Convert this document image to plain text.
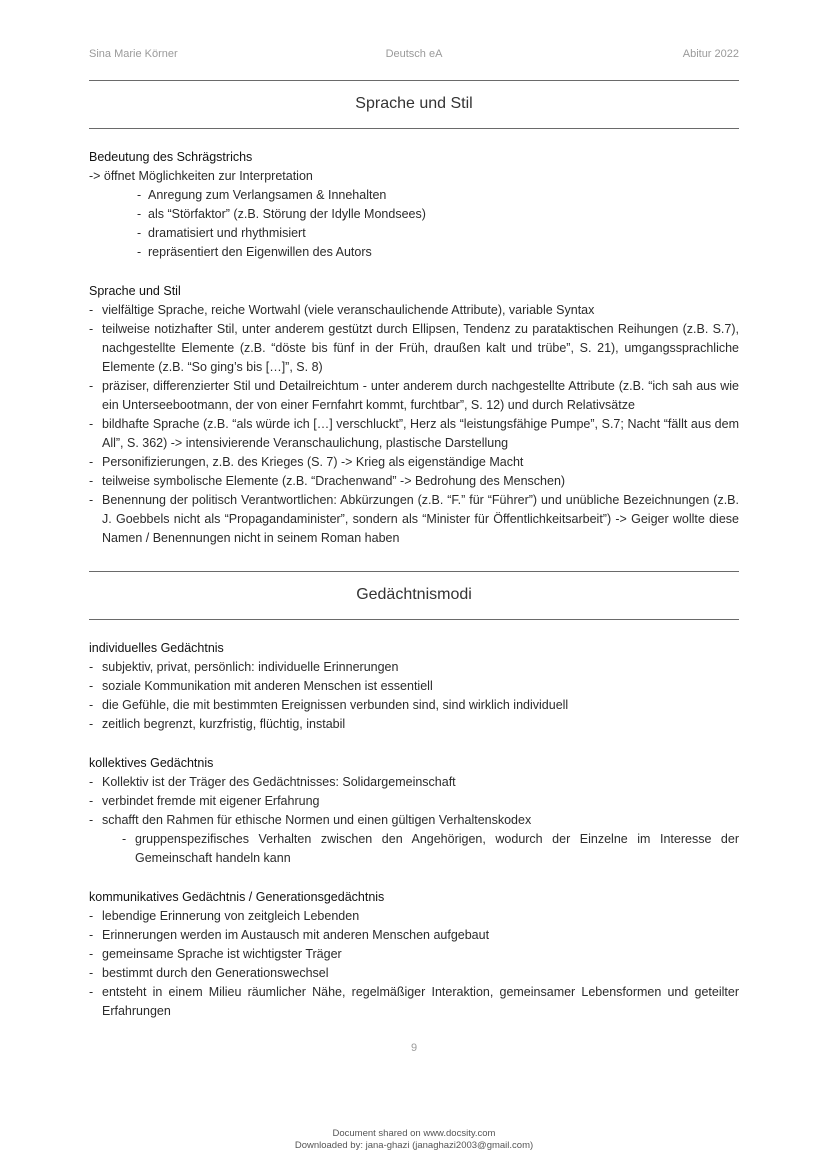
Sina Marie Körner	Deutsch eA	Abitur 2022
Sprache und Stil
Bedeutung des Schrägstrichs
-> öffnet Möglichkeiten zur Interpretation
- Anregung zum Verlangsamen & Innehalten
- als “Störfaktor” (z.B. Störung der Idylle Mondsees)
- dramatisiert und rhythmisiert
- repräsentiert den Eigenwillen des Autors
Sprache und Stil
- vielfältige Sprache, reiche Wortwahl (viele veranschaulichende Attribute), variable Syntax
- teilweise notizhafter Stil, unter anderem gestützt durch Ellipsen, Tendenz zu parataktischen Reihungen (z.B. S.7), nachgestellte Elemente (z.B. “döste bis fünf in der Früh, draußen kalt und trübe”, S. 21), umgangssprachliche Elemente (z.B. “So ging’s bis […]”, S. 8)
- präziser, differenzierter Stil und Detailreichtum - unter anderem durch nachgestellte Attribute (z.B. “ich sah aus wie ein Unterseebootmann, der von einer Fernfahrt kommt, furchtbar”, S. 12) und durch Relativsätze
- bildhafte Sprache (z.B. “als würde ich […] verschluckt”, Herz als “leistungsfähige Pumpe”, S.7; Nacht “fällt aus dem All”, S. 362) -> intensivierende Veranschaulichung, plastische Darstellung
- Personifizierungen, z.B. des Krieges (S. 7) -> Krieg als eigenständige Macht
- teilweise symbolische Elemente (z.B. “Drachenwand” -> Bedrohung des Menschen)
- Benennung der politisch Verantwortlichen: Abkürzungen (z.B. “F.” für “Führer”) und unübliche Bezeichnungen (z.B. J. Goebbels nicht als “Propagandaminister”, sondern als “Minister für Öffentlichkeitsarbeit”) -> Geiger wollte diese Namen / Benennungen nicht in seinem Roman haben
Gedächtnismodi
individuelles Gedächtnis
- subjektiv, privat, persönlich: individuelle Erinnerungen
- soziale Kommunikation mit anderen Menschen ist essentiell
- die Gefühle, die mit bestimmten Ereignissen verbunden sind, sind wirklich individuell
- zeitlich begrenzt, kurzfristig, flüchtig, instabil
kollektives Gedächtnis
- Kollektiv ist der Träger des Gedächtnisses: Solidargemeinschaft
- verbindet fremde mit eigener Erfahrung
- schafft den Rahmen für ethische Normen und einen gültigen Verhaltenskodex
- gruppenspezifisches Verhalten zwischen den Angehörigen, wodurch der Einzelne im Interesse der Gemeinschaft handeln kann
kommunikatives Gedächtnis / Generationsgedächtnis
- lebendige Erinnerung von zeitgleich Lebenden
- Erinnerungen werden im Austausch mit anderen Menschen aufgebaut
- gemeinsame Sprache ist wichtigster Träger
- bestimmt durch den Generationswechsel
- entsteht in einem Milieu räumlicher Nähe, regelmäßiger Interaktion, gemeinsamer Lebensformen und geteilter Erfahrungen
9
Document shared on www.docsity.com
Downloaded by: jana-ghazi (janaghazi2003@gmail.com)
